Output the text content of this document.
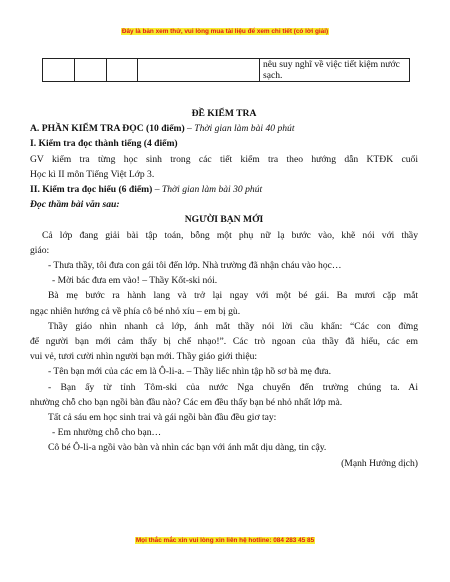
Đây là bản xem thử, vui lòng mua tài liệu để xem chi tiết (có lời giải)
				nêu suy nghĩ về việc tiết kiệm nước sạch.
ĐỀ KIỂM TRA
A. PHẦN KIỂM TRA ĐỌC (10 điểm) – Thời gian làm bài 40 phút
I. Kiểm tra đọc thành tiếng (4 điểm)
GV kiểm tra từng học sinh trong các tiết kiểm tra theo hướng dẫn KTĐK cuối
Học kì II môn Tiếng Việt Lớp 3.
II. Kiểm tra đọc hiểu (6 điểm) – Thời gian làm bài 30 phút
Đọc thầm bài văn sau:
NGƯỜI BẠN MỚI
Cả lớp đang giải bài tập toán, bỗng một phụ nữ lạ bước vào, khẽ nói với thầy
giáo:
- Thưa thầy, tôi đưa con gái tôi đến lớp. Nhà trường đã nhận cháu vào học…
- Mời bác đưa em vào! – Thầy Kốt-ski nói.
Bà mẹ bước ra hành lang và trở lại ngay với một bé gái. Ba mươi cặp mắt
ngạc nhiên hướng cả về phía cô bé nhỏ xíu – em bị gù.
Thầy giáo nhìn nhanh cả lớp, ánh mắt thầy nói lời cầu khẩn: “Các con đừng
để người bạn mới cảm thấy bị chế nhạo!”. Các trò ngoan của thầy đã hiểu, các em
vui vẻ, tươi cười nhìn người bạn mới. Thầy giáo giới thiệu:
- Tên bạn mới của các em là Ô-li-a. – Thầy liếc nhìn tập hồ sơ bà mẹ đưa.
- Bạn ấy từ tỉnh Tôm-ski của nước Nga chuyển đến trường chúng ta. Ai
nhường chỗ cho bạn ngồi bàn đầu nào? Các em đều thấy bạn bé nhỏ nhất lớp mà.
Tất cả sáu em học sinh trai và gái ngồi bàn đầu đều giơ tay:
- Em nhường chỗ cho bạn…
Cô bé Ô-li-a ngồi vào bàn và nhìn các bạn với ánh mắt dịu dàng, tin cậy.
(Mạnh Hưởng dịch)
Mọi thắc mắc xin vui lòng xin liên hệ hotline: 084 283 45 85
